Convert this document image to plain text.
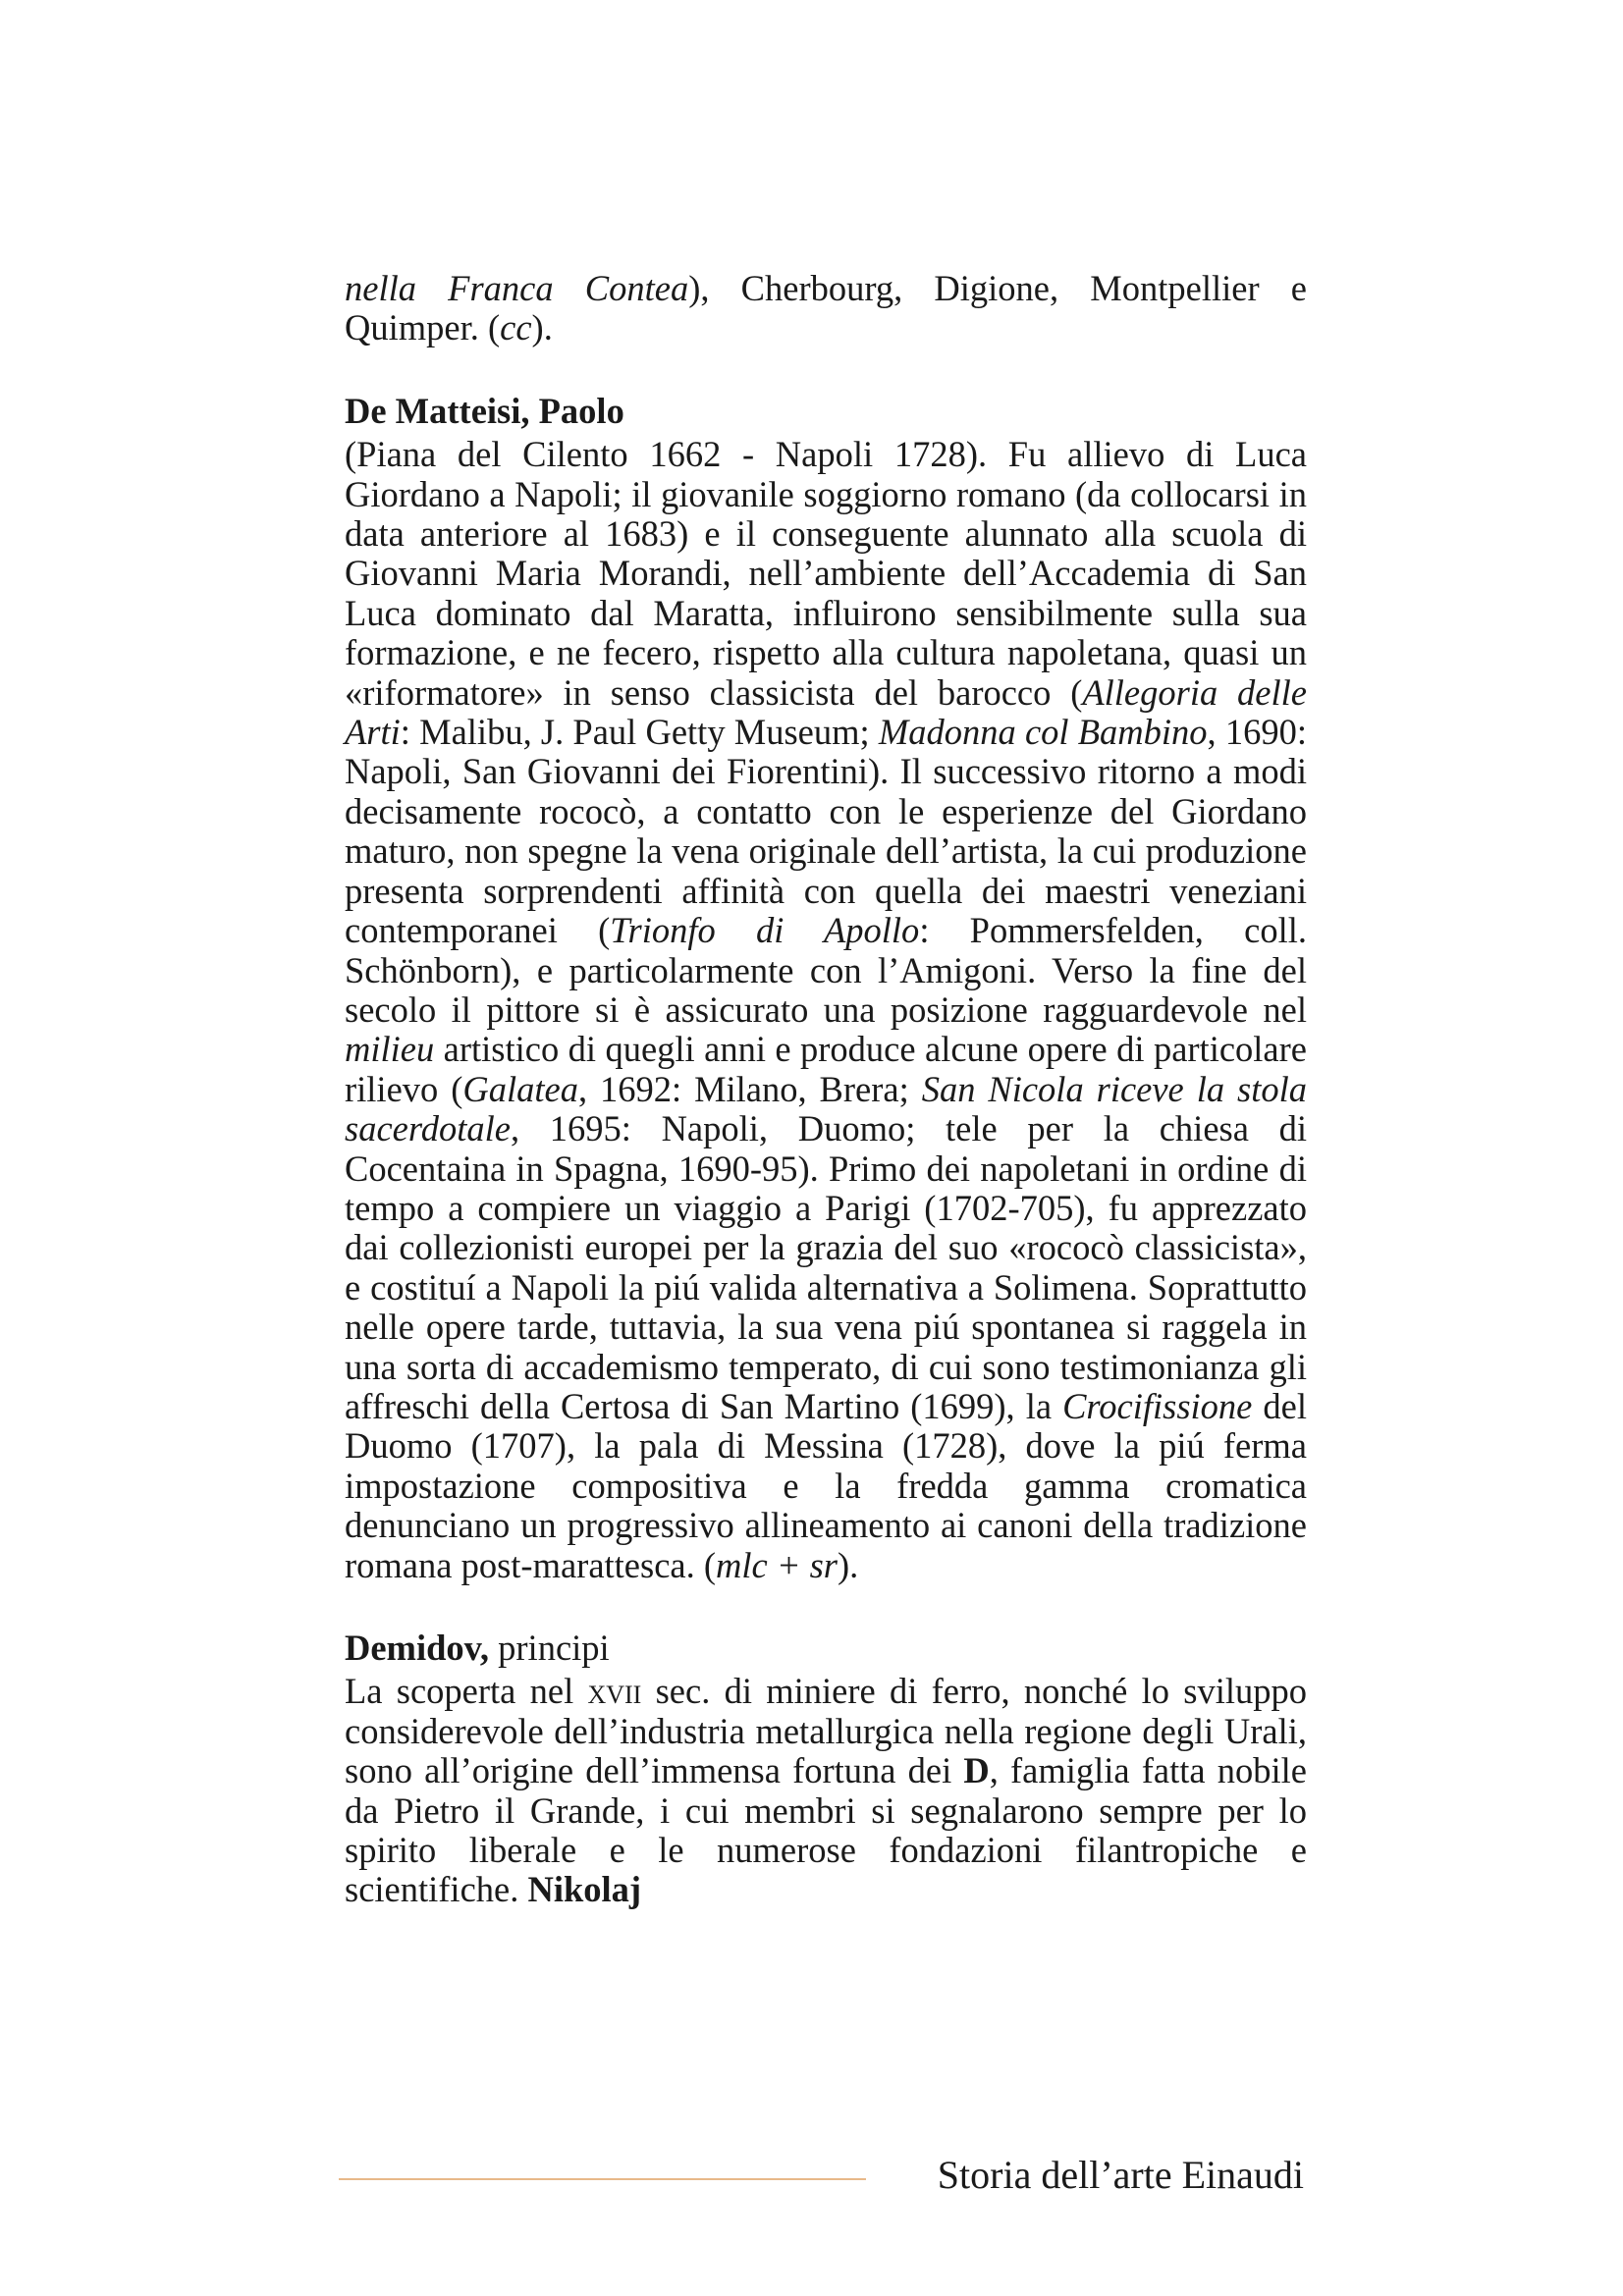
nella Franca Contea), Cherbourg, Digione, Montpellier e Quimper. (cc).

De Matteisi, Paolo

(Piana del Cilento 1662 - Napoli 1728). Fu allievo di Luca Giordano a Napoli; il giovanile soggiorno romano (da collocarsi in data anteriore al 1683) e il conseguente alunnato alla scuola di Giovanni Maria Morandi, nell’ambiente dell’Accademia di San Luca dominato dal Maratta, influirono sensibilmente sulla sua formazione, e ne fecero, rispetto alla cultura napoletana, quasi un «riformatore» in senso classicista del barocco (Allegoria delle Arti: Malibu, J. Paul Getty Museum; Madonna col Bambino, 1690: Napoli, San Giovanni dei Fiorentini). Il successivo ritorno a modi decisamente rococò, a contatto con le esperienze del Giordano maturo, non spegne la vena originale dell’artista, la cui produzione presenta sorprendenti affinità con quella dei maestri veneziani contemporanei (Trionfo di Apollo: Pommersfelden, coll. Schönborn), e particolarmente con l’Amigoni. Verso la fine del secolo il pittore si è assicurato una posizione ragguardevole nel milieu artistico di quegli anni e produce alcune opere di particolare rilievo (Galatea, 1692: Milano, Brera; San Nicola riceve la stola sacerdotale, 1695: Napoli, Duomo; tele per la chiesa di Cocentaina in Spagna, 1690-95). Primo dei napoletani in ordine di tempo a compiere un viaggio a Parigi (1702-705), fu apprezzato dai collezionisti europei per la grazia del suo «rococò classicista», e costituí a Napoli la piú valida alternativa a Solimena. Soprattutto nelle opere tarde, tuttavia, la sua vena piú spontanea si raggela in una sorta di accademismo temperato, di cui sono testimonianza gli affreschi della Certosa di San Martino (1699), la Crocifissione del Duomo (1707), la pala di Messina (1728), dove la piú ferma impostazione compositiva e la fredda gamma cromatica denunciano un progressivo allineamento ai canoni della tradizione romana post-marattesca. (mlc + sr).

Demidov, principi

La scoperta nel xvii sec. di miniere di ferro, nonché lo sviluppo considerevole dell’industria metallurgica nella regione degli Urali, sono all’origine dell’immensa fortuna dei D, famiglia fatta nobile da Pietro il Grande, i cui membri si segnalarono sempre per lo spirito liberale e le numerose fondazioni filantropiche e scientifiche. Nikolaj

Storia dell’arte Einaudi
